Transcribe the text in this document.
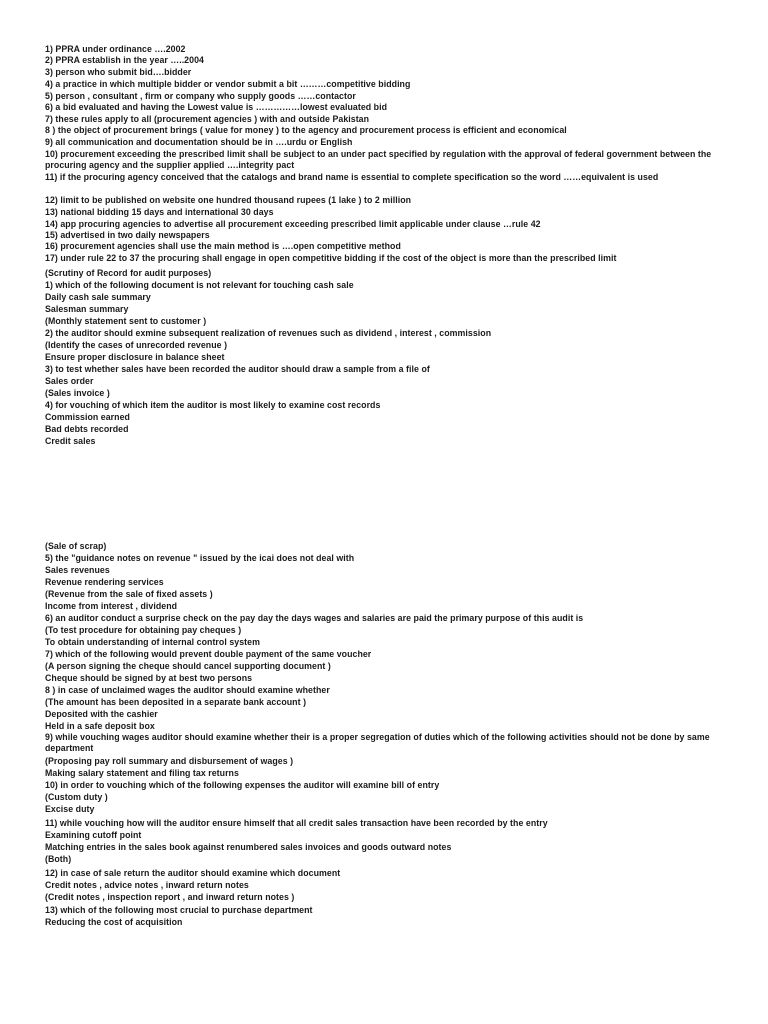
1) PPRA under ordinance ….2002
2) PPRA establish in the year …..2004
3) person who submit bid….bidder
4) a practice in which multiple bidder or vendor submit a bit ………competitive bidding
5) person , consultant , firm or company who supply goods ……contactor
6) a bid evaluated and having the Lowest value is ……………lowest evaluated bid
7) these rules apply to all (procurement agencies ) with and outside Pakistan
8 ) the object of procurement brings ( value for money ) to the agency and procurement process is efficient and economical
9) all communication and documentation should be in ….urdu or English
10) procurement exceeding the prescribed limit shall be subject to an under pact specified by regulation with the approval of federal government between the procuring agency and the supplier applied ….integrity pact
11) if the procuring agency conceived that the catalogs and brand name is essential to complete specification so the word ……equivalent is used
12) limit to be published on website one hundred thousand rupees (1 lake ) to 2 million
13) national bidding 15 days and international 30 days
14) app procuring agencies to advertise all procurement exceeding prescribed limit applicable under clause …rule 42
15) advertised in two daily newspapers
16) procurement agencies shall use the main method is ….open competitive method
17) under rule 22 to 37 the procuring shall engage in open competitive bidding if the cost of the object is more than the prescribed limit
(Scrutiny of Record for audit purposes)
1) which of the following document is not relevant for touching cash sale
Daily cash sale summary
Salesman summary
(Monthly statement sent to customer )
2) the auditor should exmine subsequent realization of revenues such as dividend , interest , commission
(Identify the cases of unrecorded revenue )
Ensure proper disclosure in balance sheet
3) to test whether sales have been recorded the auditor should draw a sample from a file of
Sales order
(Sales invoice )
4) for vouching of which item the auditor is most likely to examine cost records
Commission earned
Bad debts recorded
Credit sales
(Sale of scrap)
5) the "guidance notes on revenue " issued by the icai does not deal with
Sales revenues
Revenue rendering services
(Revenue from the sale of fixed assets )
Income from interest , dividend
6) an auditor conduct a surprise check on the pay day the days wages and salaries are paid the primary purpose of this audit is
(To test procedure for obtaining pay cheques )
To obtain understanding of internal control system
7) which of the following would prevent double payment of the same voucher
(A person signing the cheque should cancel supporting document )
Cheque should be signed by at best two persons
8 ) in case of unclaimed wages the auditor should examine whether
(The amount has been deposited in a separate bank account )
Deposited with the cashier
Held in a safe deposit box
9) while vouching wages auditor should examine whether their is a proper segregation of duties which of the following activities should not be done by same department
(Proposing pay roll summary and disbursement of wages )
Making salary statement and filing tax returns
10) in order to vouching which of the following expenses the auditor will examine bill of entry
(Custom duty )
Excise duty
11) while vouching how will the auditor ensure himself that all credit sales transaction have been recorded by the entry
Examining cutoff point
Matching entries in the sales book against renumbered sales invoices and goods outward notes
(Both)
12) in case of sale return the auditor should examine which document
Credit notes , advice notes , inward return notes
(Credit notes , inspection report , and inward return notes )
13) which of the following most crucial to purchase department
Reducing the cost of acquisition
